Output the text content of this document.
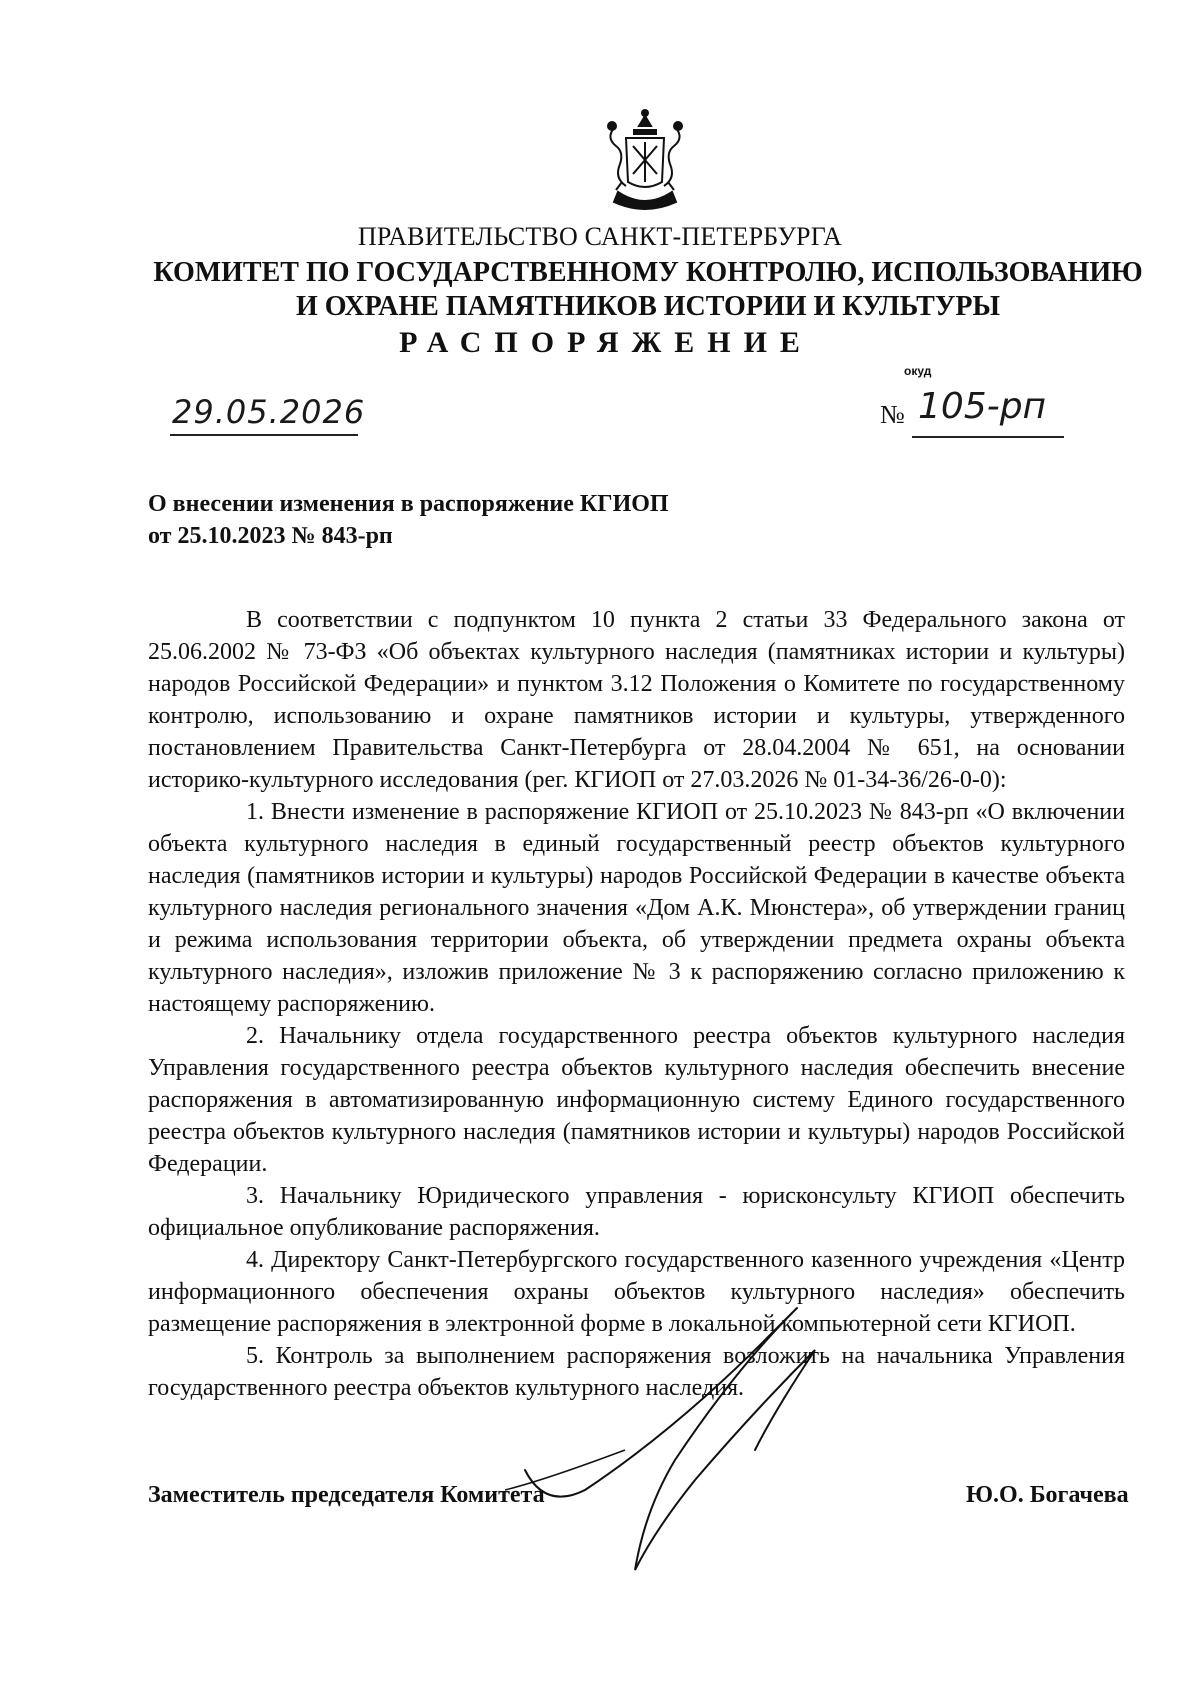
ПРАВИТЕЛЬСТВО САНКТ-ПЕТЕРБУРГА
КОМИТЕТ ПО ГОСУДАРСТВЕННОМУ КОНТРОЛЮ, ИСПОЛЬЗОВАНИЮ
И ОХРАНЕ ПАМЯТНИКОВ ИСТОРИИ И КУЛЬТУРЫ
РАСПОРЯЖЕНИЕ
окуд
29.05.2026	№ 105-рп
О внесении изменения в распоряжение КГИОП
от 25.10.2023 № 843-рп

В соответствии с подпунктом 10 пункта 2 статьи 33 Федерального закона от 25.06.2002 № 73-ФЗ «Об объектах культурного наследия (памятниках истории и культуры) народов Российской Федерации» и пунктом 3.12 Положения о Комитете по государственному контролю, использованию и охране памятников истории и культуры, утвержденного постановлением Правительства Санкт-Петербурга от 28.04.2004 № 651, на основании историко-культурного исследования (рег. КГИОП от 27.03.2026 № 01-34-36/26-0-0):

1. Внести изменение в распоряжение КГИОП от 25.10.2023 № 843-рп «О включении объекта культурного наследия в единый государственный реестр объектов культурного наследия (памятников истории и культуры) народов Российской Федерации в качестве объекта культурного наследия регионального значения «Дом А.К. Мюнстера», об утверждении границ и режима использования территории объекта, об утверждении предмета охраны объекта культурного наследия», изложив приложение № 3 к распоряжению согласно приложению к настоящему распоряжению.

2. Начальнику отдела государственного реестра объектов культурного наследия Управления государственного реестра объектов культурного наследия обеспечить внесение распоряжения в автоматизированную информационную систему Единого государственного реестра объектов культурного наследия (памятников истории и культуры) народов Российской Федерации.

3. Начальнику Юридического управления - юрисконсульту КГИОП обеспечить официальное опубликование распоряжения.

4. Директору Санкт-Петербургского государственного казенного учреждения «Центр информационного обеспечения охраны объектов культурного наследия» обеспечить размещение распоряжения в электронной форме в локальной компьютерной сети КГИОП.

5. Контроль за выполнением распоряжения возложить на начальника Управления государственного реестра объектов культурного наследия.

Заместитель председателя Комитета	Ю.О. Богачева
